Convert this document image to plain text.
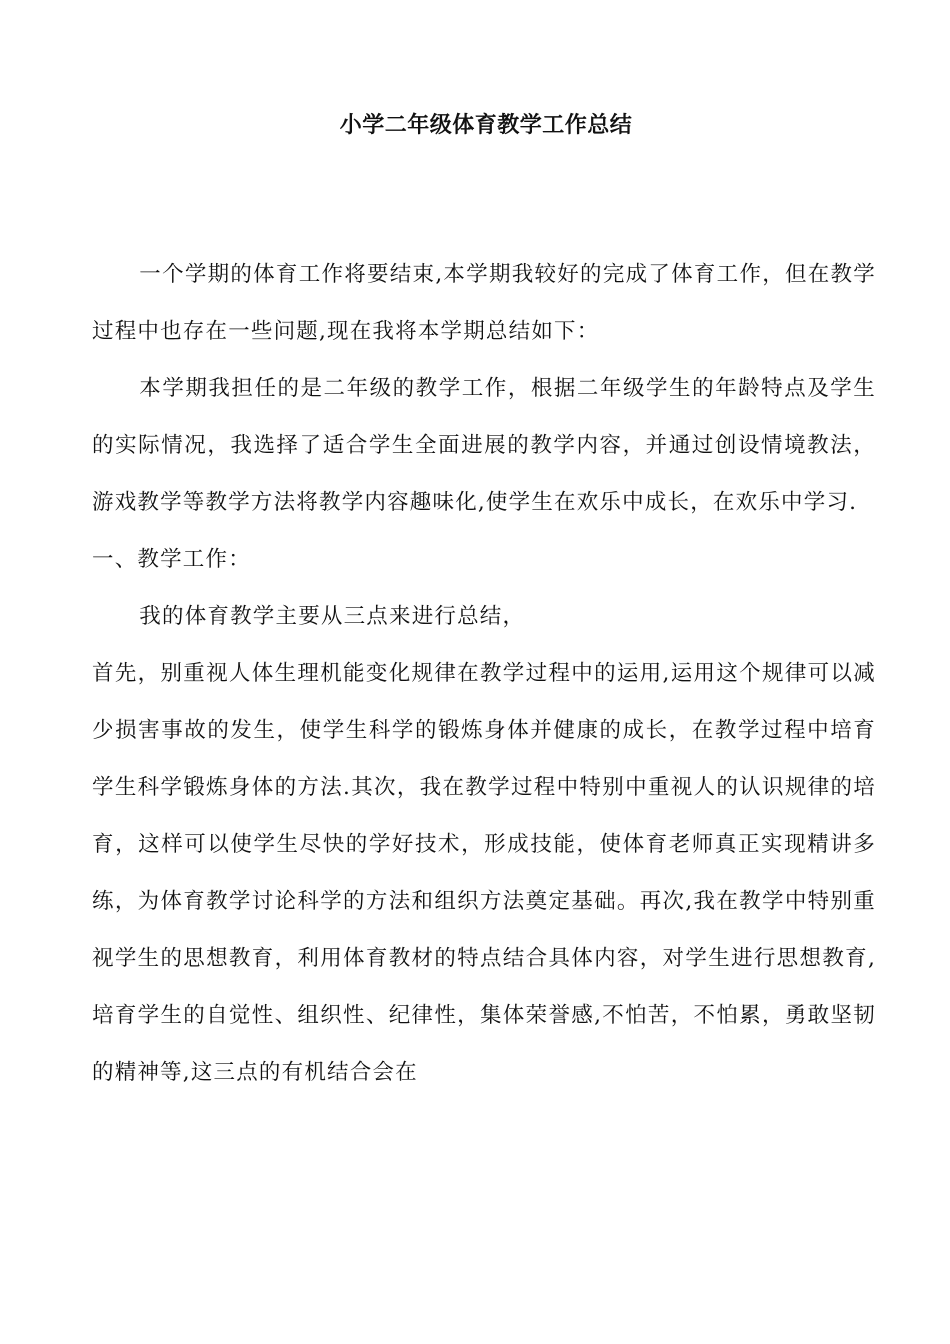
小学二年级体育教学工作总结

一个学期的体育工作将要结束,本学期我较好的完成了体育工作，但在教学过程中也存在一些问题,现在我将本学期总结如下：

本学期我担任的是二年级的教学工作，根据二年级学生的年龄特点及学生的实际情况，我选择了适合学生全面进展的教学内容，并通过创设情境教法，游戏教学等教学方法将教学内容趣味化,使学生在欢乐中成长，在欢乐中学习.

一、教学工作：

我的体育教学主要从三点来进行总结，

首先，别重视人体生理机能变化规律在教学过程中的运用,运用这个规律可以减少损害事故的发生，使学生科学的锻炼身体并健康的成长，在教学过程中培育学生科学锻炼身体的方法.其次，我在教学过程中特别中重视人的认识规律的培育，这样可以使学生尽快的学好技术，形成技能，使体育老师真正实现精讲多练，为体育教学讨论科学的方法和组织方法奠定基础。再次,我在教学中特别重视学生的思想教育，利用体育教材的特点结合具体内容，对学生进行思想教育,培育学生的自觉性、组织性、纪律性，集体荣誉感,不怕苦，不怕累，勇敢坚韧的精神等,这三点的有机结合会在
